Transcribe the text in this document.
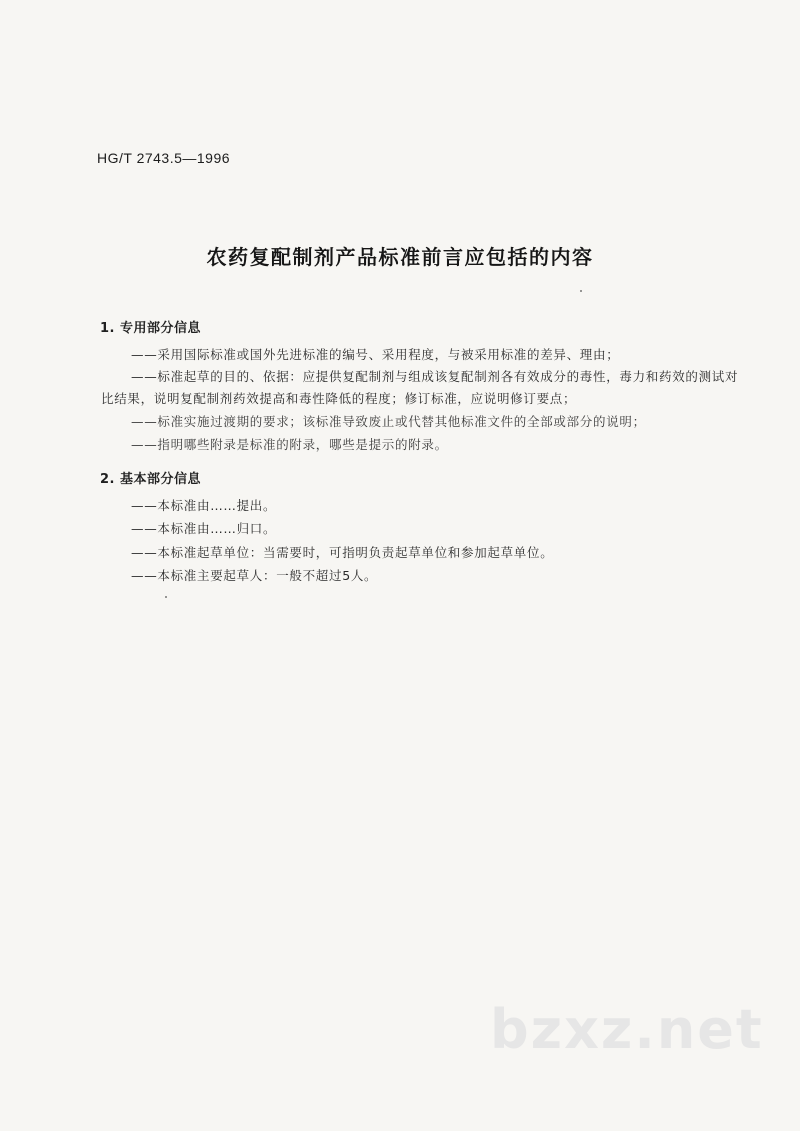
HG/T 2743.5—1996
农药复配制剂产品标准前言应包括的内容
1. 专用部分信息
——采用国际标准或国外先进标准的编号、采用程度，与被采用标准的差异、理由；
——标准起草的目的、依据：应提供复配制剂与组成该复配制剂各有效成分的毒性，毒力和药效的测试对比结果，说明复配制剂药效提高和毒性降低的程度；修订标准，应说明修订要点；
——标准实施过渡期的要求；该标准导致废止或代替其他标准文件的全部或部分的说明；
——指明哪些附录是标准的附录，哪些是提示的附录。
2. 基本部分信息
——本标准由……提出。
——本标准由……归口。
——本标准起草单位：当需要时，可指明负责起草单位和参加起草单位。
——本标准主要起草人：一般不超过5人。
bzxz.net
